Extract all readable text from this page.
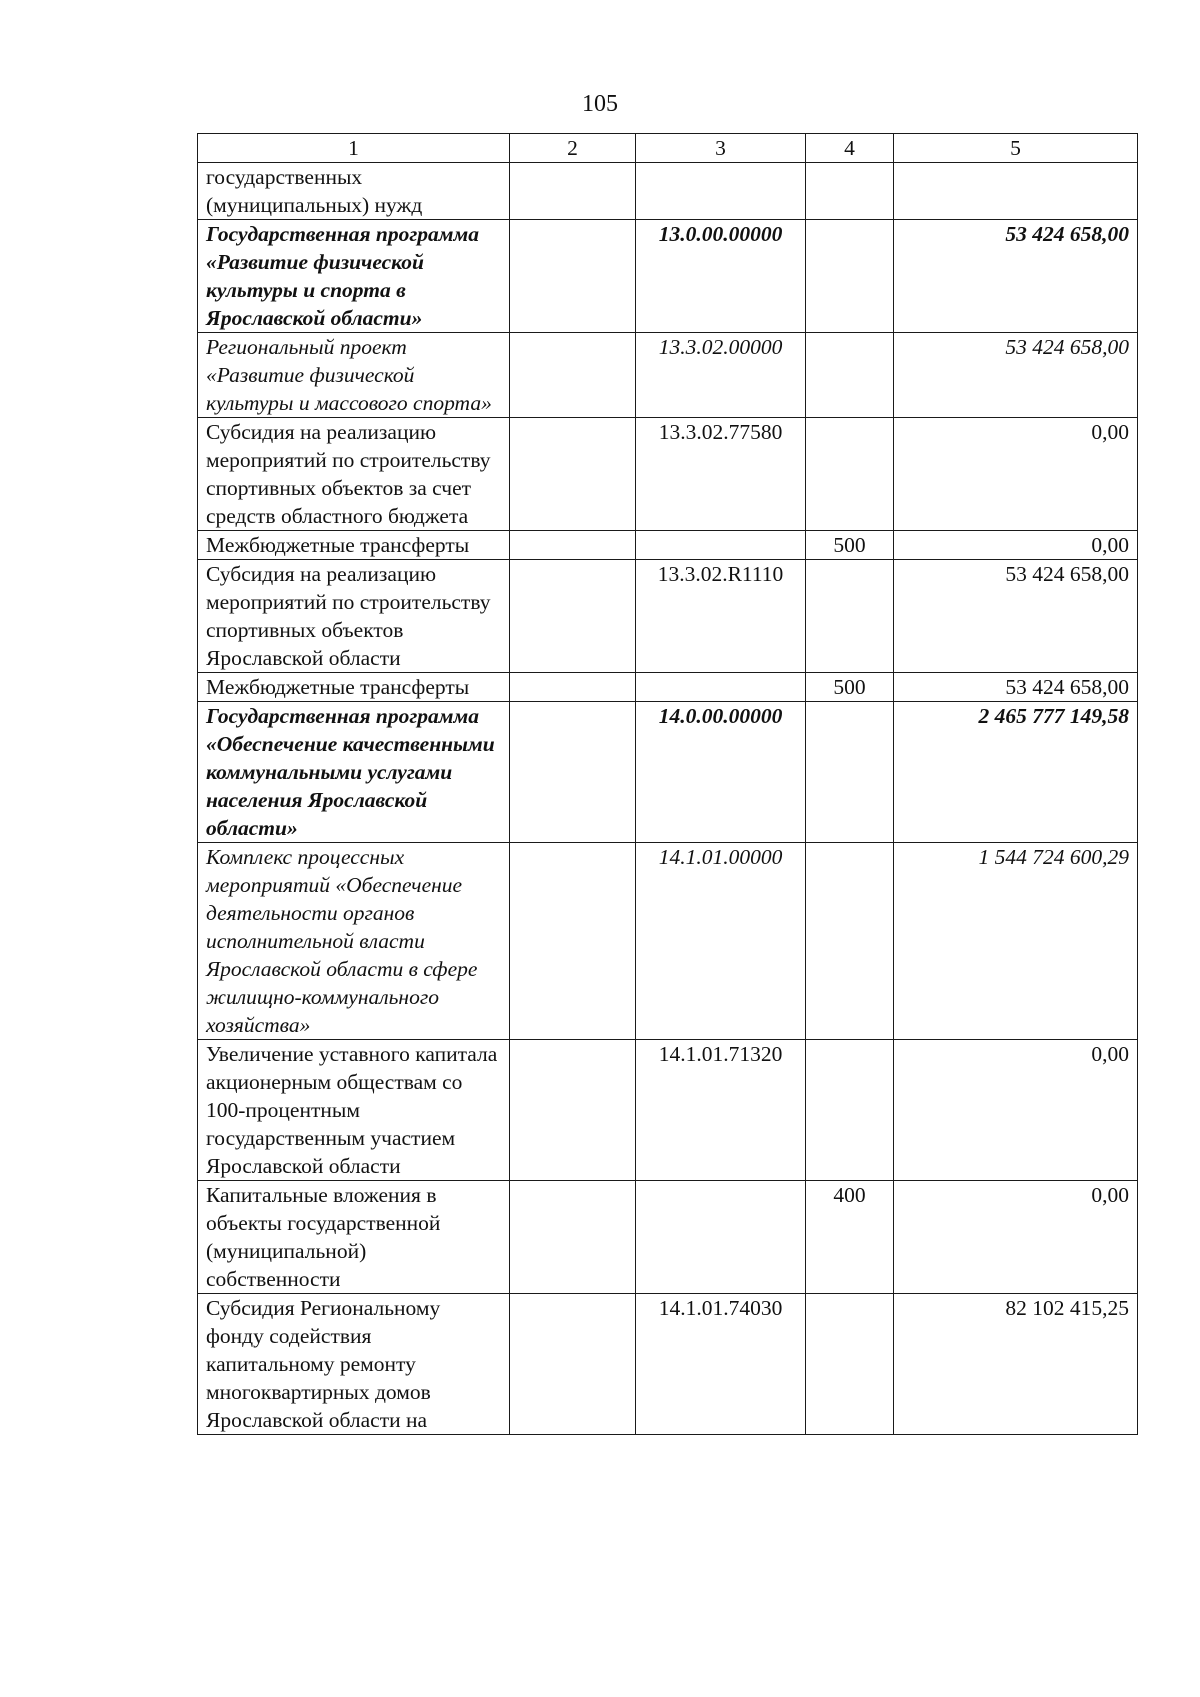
105
1	2	3	4	5
государственных (муниципальных) нужд				
Государственная программа «Развитие физической культуры и спорта в Ярославской области»		13.0.00.00000		53 424 658,00
Региональный проект «Развитие физической культуры и массового спорта»		13.3.02.00000		53 424 658,00
Субсидия на реализацию мероприятий по строительству спортивных объектов за счет средств областного бюджета		13.3.02.77580		0,00
Межбюджетные трансферты			500	0,00
Субсидия на реализацию мероприятий по строительству спортивных объектов Ярославской области		13.3.02.R1110		53 424 658,00
Межбюджетные трансферты			500	53 424 658,00
Государственная программа «Обеспечение качественными коммунальными услугами населения Ярославской области»		14.0.00.00000		2 465 777 149,58
Комплекс процессных мероприятий «Обеспечение деятельности органов исполнительной власти Ярославской области в сфере жилищно-коммунального хозяйства»		14.1.01.00000		1 544 724 600,29
Увеличение уставного капитала акционерным обществам со 100-процентным государственным участием Ярославской области		14.1.01.71320		0,00
Капитальные вложения в объекты государственной (муниципальной) собственности			400	0,00
Субсидия Региональному фонду содействия капитальному ремонту многоквартирных домов Ярославской области на		14.1.01.74030		82 102 415,25
